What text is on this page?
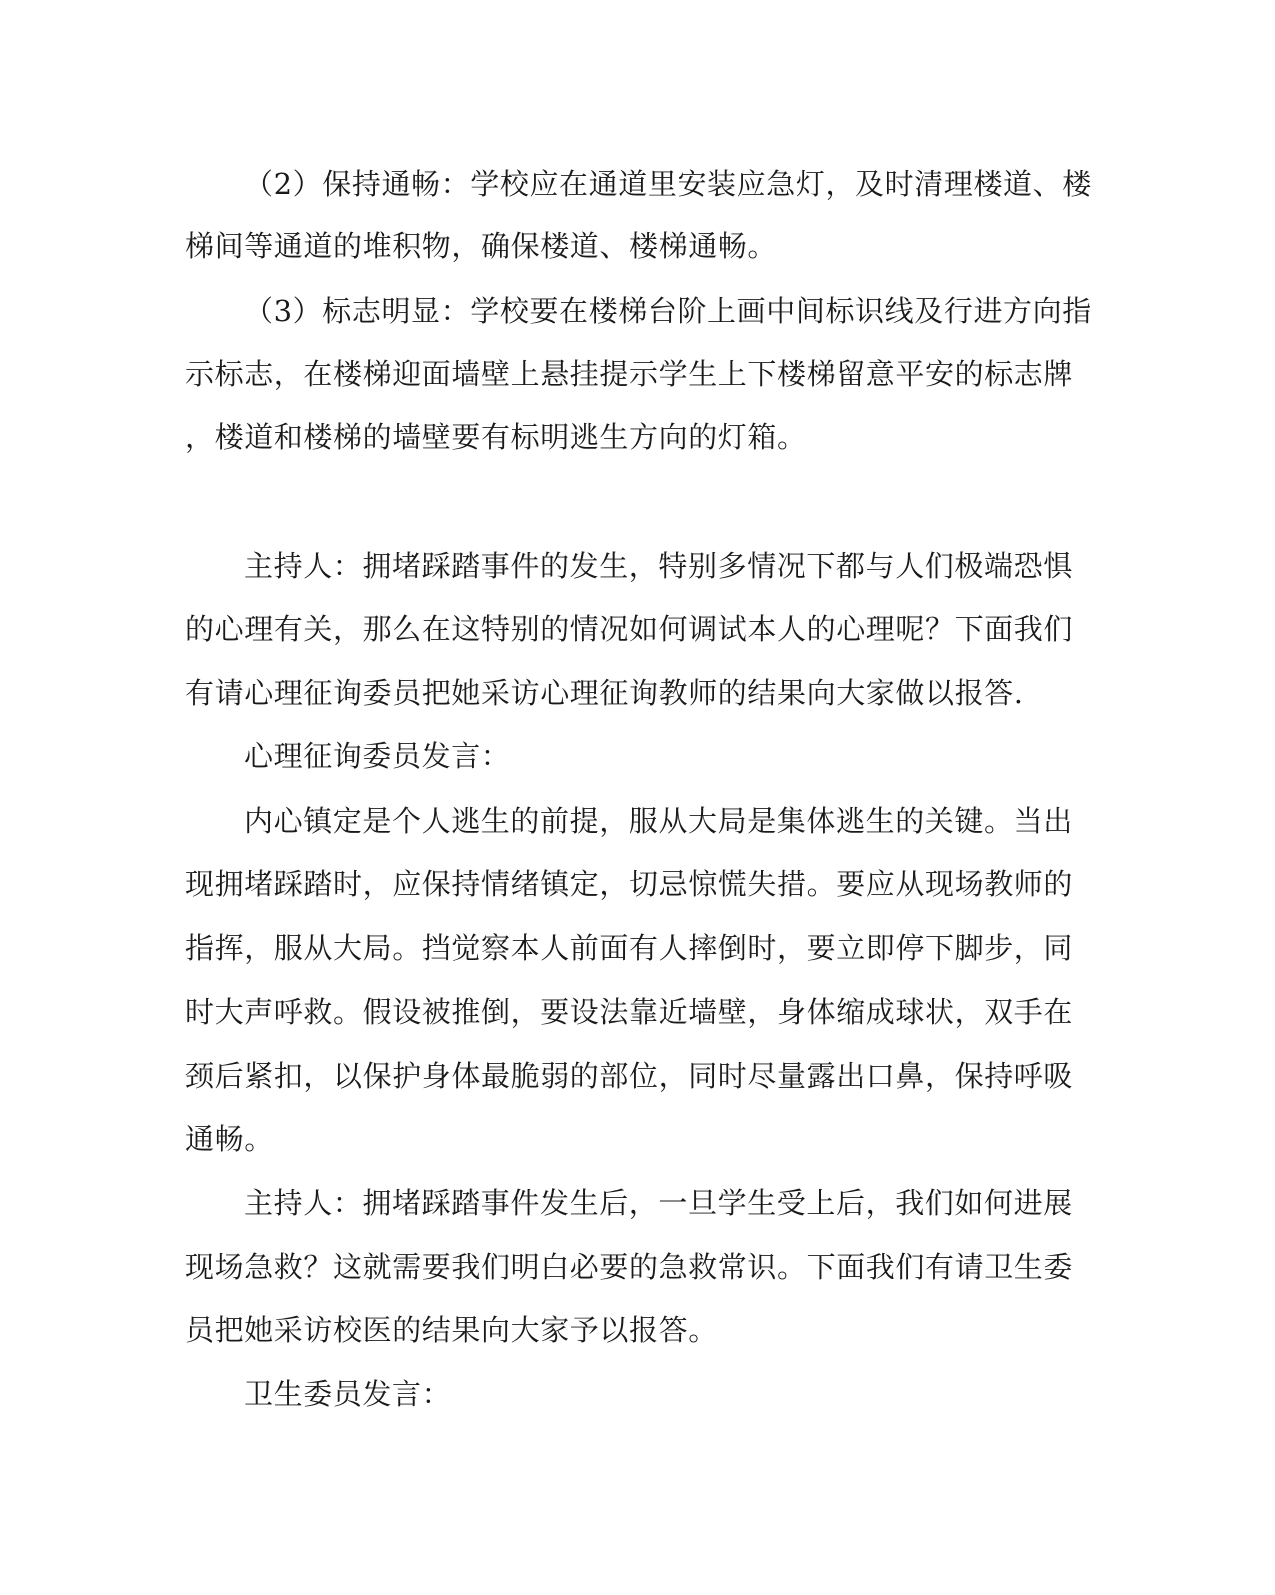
（2）保持通畅：学校应在通道里安装应急灯，及时清理楼道、楼
梯间等通道的堆积物，确保楼道、楼梯通畅。
（3）标志明显：学校要在楼梯台阶上画中间标识线及行进方向指
示标志，在楼梯迎面墙壁上悬挂提示学生上下楼梯留意平安的标志牌
，楼道和楼梯的墙壁要有标明逃生方向的灯箱。
主持人：拥堵踩踏事件的发生，特别多情况下都与人们极端恐惧
的心理有关，那么在这特别的情况如何调试本人的心理呢？下面我们
有请心理征询委员把她采访心理征询教师的结果向大家做以报答.
心理征询委员发言：
内心镇定是个人逃生的前提，服从大局是集体逃生的关键。当出
现拥堵踩踏时，应保持情绪镇定，切忌惊慌失措。要应从现场教师的
指挥，服从大局。挡觉察本人前面有人摔倒时，要立即停下脚步，同
时大声呼救。假设被推倒，要设法靠近墙壁，身体缩成球状，双手在
颈后紧扣，以保护身体最脆弱的部位，同时尽量露出口鼻，保持呼吸
通畅。
主持人：拥堵踩踏事件发生后，一旦学生受上后，我们如何进展
现场急救？这就需要我们明白必要的急救常识。下面我们有请卫生委
员把她采访校医的结果向大家予以报答。
卫生委员发言：
